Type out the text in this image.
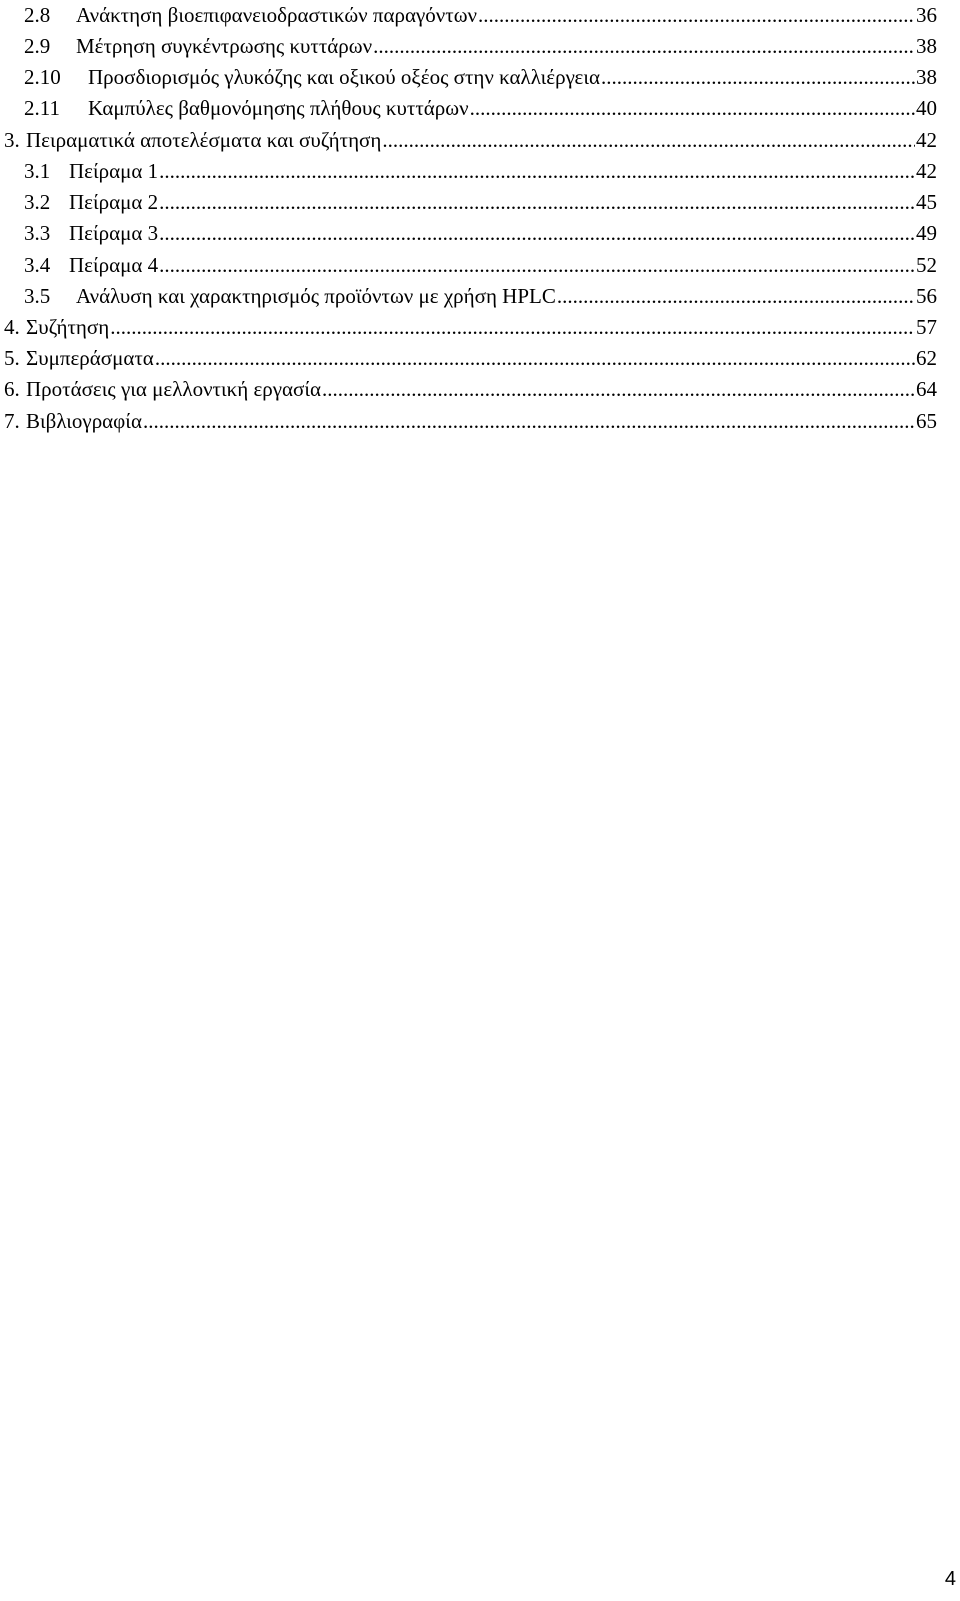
2.8	Ανάκτηση βιοεπιφανειοδραστικών παραγόντων .....	36
2.9	Μέτρηση συγκέντρωσης κυττάρων .....	38
2.10	Προσδιορισμός γλυκόζης και οξικού οξέος στην καλλιέργεια .....	38
2.11	Καμπύλες βαθμονόμησης πλήθους κυττάρων .....	40
3. Πειραματικά αποτελέσματα και συζήτηση .....	42
3.1 Πείραμα 1 .....	42
3.2 Πείραμα 2 .....	45
3.3 Πείραμα 3 .....	49
3.4 Πείραμα 4 .....	52
3.5	Ανάλυση και χαρακτηρισμός προϊόντων με χρήση HPLC .....	56
4. Συζήτηση .....	57
5. Συμπεράσματα .....	62
6. Προτάσεις για μελλοντική εργασία .....	64
7. Βιβλιογραφία .....	65
4
